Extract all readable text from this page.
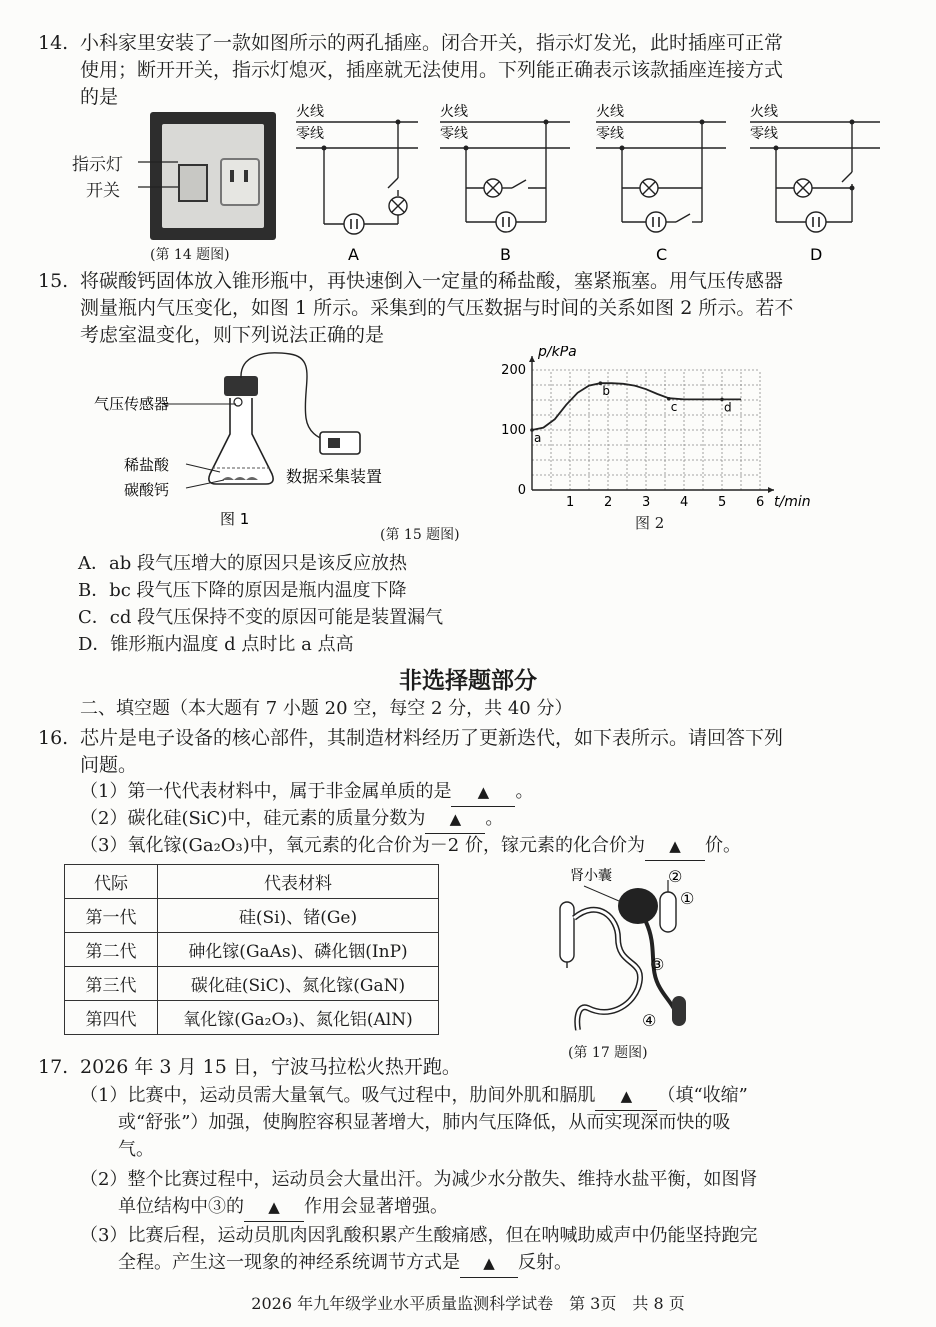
14. 小科家里安装了一款如图所示的两孔插座。闭合开关，指示灯发光，此时插座可正常
使用；断开开关，指示灯熄灭，插座就无法使用。下列能正确表示该款插座连接方式
的是
指示灯
开关
(第 14 题图)
火线
零线
A
火线
零线
B
火线
零线
C
火线
零线
D
15. 将碳酸钙固体放入锥形瓶中，再快速倒入一定量的稀盐酸，塞紧瓶塞。用气压传感器
测量瓶内气压变化，如图 1 所示。采集到的气压数据与时间的关系如图 2 所示。若不
考虑室温变化，则下列说法正确的是
气压传感器
稀盐酸
碳酸钙
数据采集装置
图 1
(第 15 题图)
1 2 3 4 5 6
0
100
200
a
b
c	d
p/kPa
t/min
图 2
A．ab 段气压增大的原因只是该反应放热
B．bc 段气压下降的原因是瓶内温度下降
C．cd 段气压保持不变的原因可能是装置漏气
D．锥形瓶内温度 d 点时比 a 点高
非选择题部分
二、填空题（本大题有 7 小题 20 空，每空 2 分，共 40 分）
16. 芯片是电子设备的核心部件，其制造材料经历了更新迭代，如下表所示。请回答下列
问题。
（1）第一代代表材料中，属于非金属单质的是 ▲	。
（2）碳化硅(SiC)中，硅元素的质量分数为 ▲	。
（3）氧化镓(Ga₂O₃)中，氧元素的化合价为－2 价，镓元素的化合价为 ▲	价。
代际	代表材料
第一代	硅(Si)、锗(Ge)
第二代	砷化镓(GaAs)、磷化铟(InP)
第三代	碳化硅(SiC)、氮化镓(GaN)
第四代	氧化镓(Ga₂O₃)、氮化铝(AlN)
肾小囊	②
①
③
④
(第 17 题图)
17. 2026 年 3 月 15 日，宁波马拉松火热开跑。
（1）比赛中，运动员需大量氧气。吸气过程中，肋间外肌和膈肌 ▲	（填“收缩”
或“舒张”）加强，使胸腔容积显著增大，肺内气压降低，从而实现深而快的吸
气。
（2）整个比赛过程中，运动员会大量出汗。为减少水分散失、维持水盐平衡，如图肾
单位结构中③的 ▲	作用会显著增强。
（3）比赛后程，运动员肌肉因乳酸积累产生酸痛感，但在呐喊助威声中仍能坚持跑完
全程。产生这一现象的神经系统调节方式是 ▲	反射。
2026 年九年级学业水平质量监测科学试卷　第 3页　共 8 页
